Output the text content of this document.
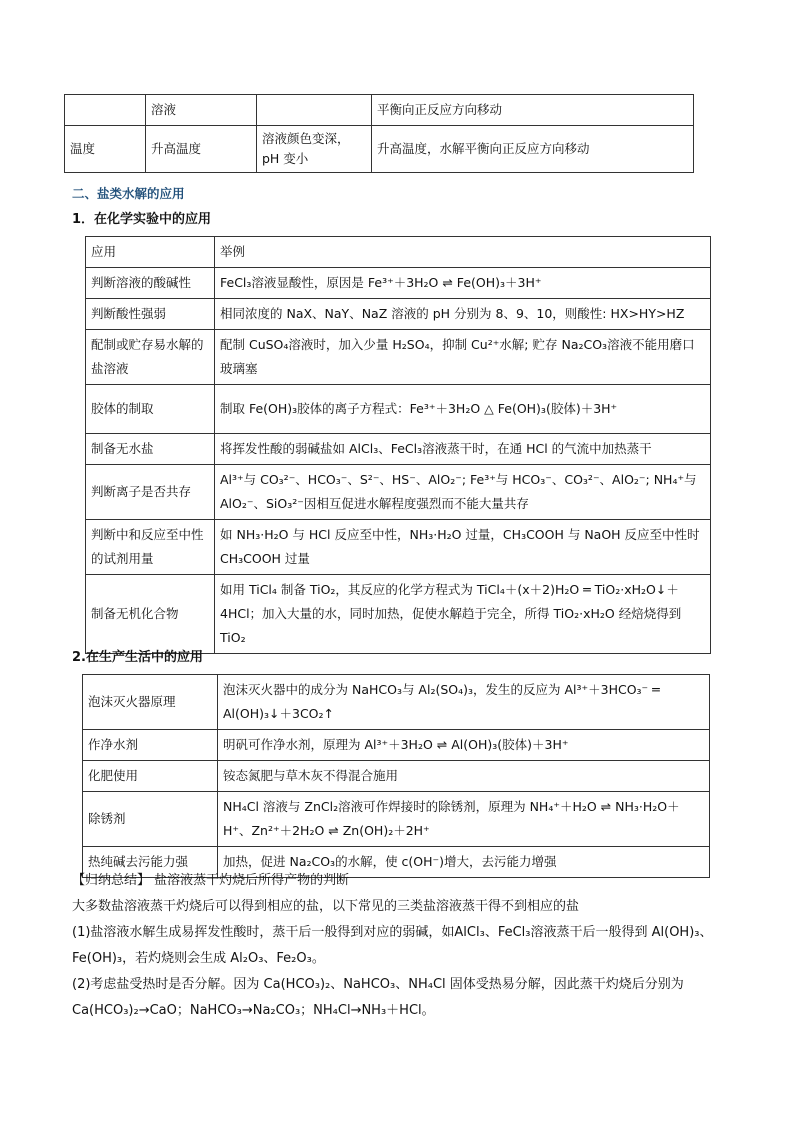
	溶液		平衡向正反应方向移动
温度	升高温度	溶液颜色变深，pH 变小	升高温度，水解平衡向正反应方向移动
二、盐类水解的应用
1．在化学实验中的应用
应用	举例
判断溶液的酸碱性	FeCl₃溶液显酸性，原因是 Fe³⁺＋3H₂O ⇌ Fe(OH)₃＋3H⁺
判断酸性强弱	相同浓度的 NaX、NaY、NaZ 溶液的 pH 分别为 8、9、10，则酸性: HX>HY>HZ
配制或贮存易水解的盐溶液	配制 CuSO₄溶液时，加入少量 H₂SO₄，抑制 Cu²⁺水解; 贮存 Na₂CO₃溶液不能用磨口玻璃塞
胶体的制取	制取 Fe(OH)₃胶体的离子方程式：Fe³⁺＋3H₂O △ Fe(OH)₃(胶体)＋3H⁺
制备无水盐	将挥发性酸的弱碱盐如 AlCl₃、FeCl₃溶液蒸干时，在通 HCl 的气流中加热蒸干
判断离子是否共存	Al³⁺与 CO₃²⁻、HCO₃⁻、S²⁻、HS⁻、AlO₂⁻; Fe³⁺与 HCO₃⁻、CO₃²⁻、AlO₂⁻; NH₄⁺与 AlO₂⁻、SiO₃²⁻因相互促进水解程度强烈而不能大量共存
判断中和反应至中性的试剂用量	如 NH₃·H₂O 与 HCl 反应至中性，NH₃·H₂O 过量，CH₃COOH 与 NaOH 反应至中性时 CH₃COOH 过量
制备无机化合物	如用 TiCl₄ 制备 TiO₂，其反应的化学方程式为 TiCl₄＋(x＋2)H₂O ═ TiO₂·xH₂O↓＋4HCl；加入大量的水，同时加热，促使水解趋于完全，所得 TiO₂·xH₂O 经焙烧得到 TiO₂
2.在生产生活中的应用
泡沫灭火器原理	泡沫灭火器中的成分为 NaHCO₃与 Al₂(SO₄)₃，发生的反应为 Al³⁺＋3HCO₃⁻ ═ Al(OH)₃↓＋3CO₂↑
作净水剂	明矾可作净水剂，原理为 Al³⁺＋3H₂O ⇌ Al(OH)₃(胶体)＋3H⁺
化肥使用	铵态氮肥与草木灰不得混合施用
除锈剂	NH₄Cl 溶液与 ZnCl₂溶液可作焊接时的除锈剂，原理为 NH₄⁺＋H₂O ⇌ NH₃·H₂O＋H⁺、Zn²⁺＋2H₂O ⇌ Zn(OH)₂＋2H⁺
热纯碱去污能力强	加热，促进 Na₂CO₃的水解，使 c(OH⁻)增大，去污能力增强

【归纳总结】 盐溶液蒸干灼烧后所得产物的判断

大多数盐溶液蒸干灼烧后可以得到相应的盐，以下常见的三类盐溶液蒸干得不到相应的盐

(1)盐溶液水解生成易挥发性酸时，蒸干后一般得到对应的弱碱，如AlCl₃、FeCl₃溶液蒸干后一般得到 Al(OH)₃、Fe(OH)₃，若灼烧则会生成 Al₂O₃、Fe₂O₃。

(2)考虑盐受热时是否分解。因为 Ca(HCO₃)₂、NaHCO₃、NH₄Cl 固体受热易分解，因此蒸干灼烧后分别为 Ca(HCO₃)₂→CaO；NaHCO₃→Na₂CO₃；NH₄Cl→NH₃＋HCl。
